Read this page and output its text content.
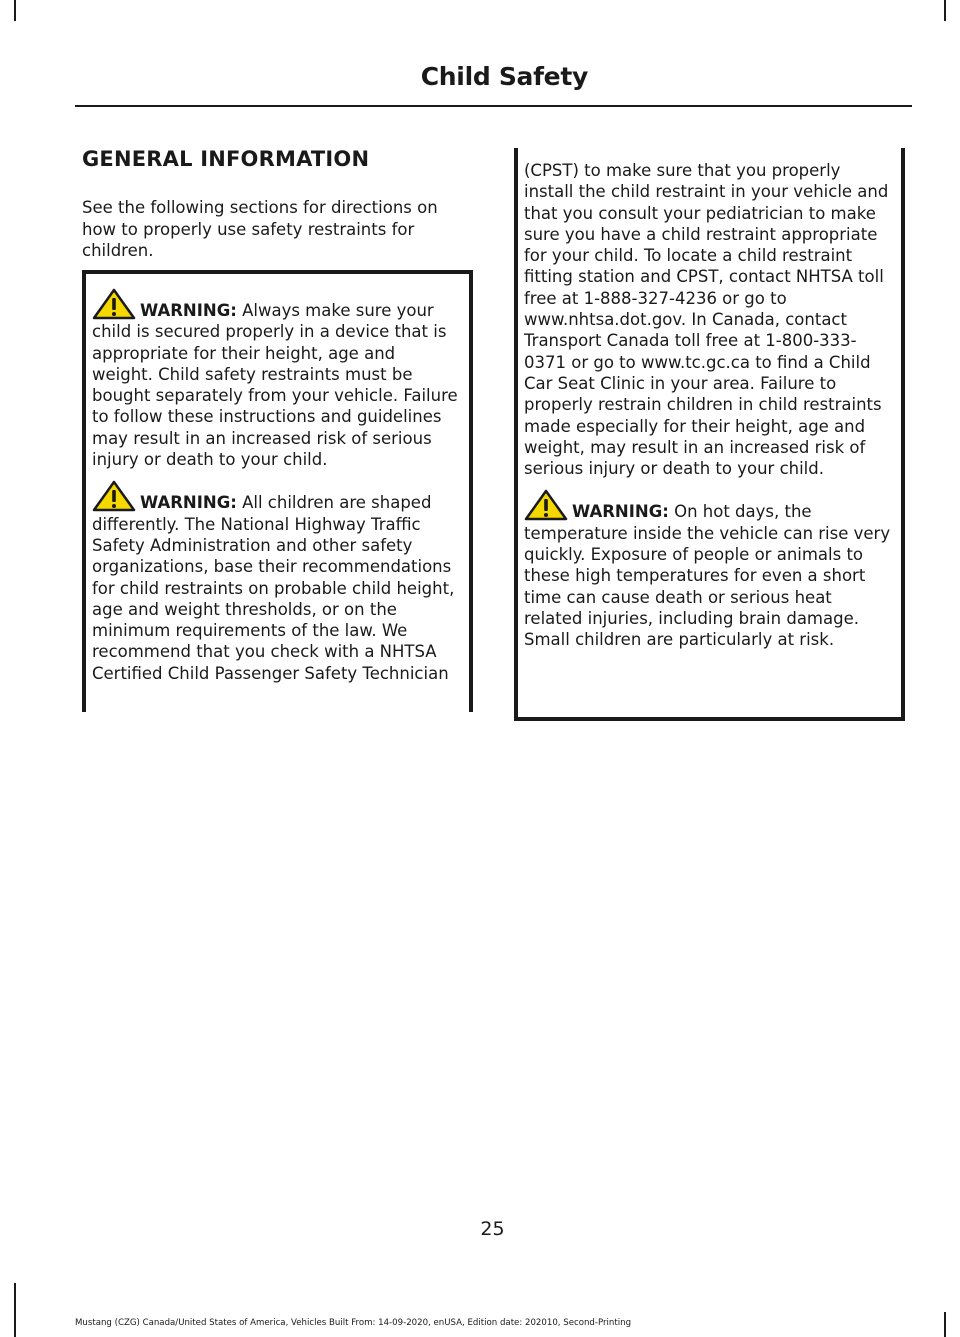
Child Safety
GENERAL INFORMATION
See the following sections for directions on how to properly use safety restraints for children.

WARNING: Always make sure your child is secured properly in a device that is appropriate for their height, age and weight. Child safety restraints must be bought separately from your vehicle. Failure to follow these instructions and guidelines may result in an increased risk of serious injury or death to your child.

WARNING: All children are shaped differently. The National Highway Traffic Safety Administration and other safety organizations, base their recommendations for child restraints on probable child height, age and weight thresholds, or on the minimum requirements of the law. We recommend that you check with a NHTSA Certified Child Passenger Safety Technician

(CPST) to make sure that you properly install the child restraint in your vehicle and that you consult your pediatrician to make sure you have a child restraint appropriate for your child. To locate a child restraint fitting station and CPST, contact NHTSA toll free at 1-888-327-4236 or go to www.nhtsa.dot.gov. In Canada, contact Transport Canada toll free at 1-800-333-0371 or go to www.tc.gc.ca to find a Child Car Seat Clinic in your area. Failure to properly restrain children in child restraints made especially for their height, age and weight, may result in an increased risk of serious injury or death to your child.

WARNING: On hot days, the temperature inside the vehicle can rise very quickly. Exposure of people or animals to these high temperatures for even a short time can cause death or serious heat related injuries, including brain damage. Small children are particularly at risk.

25
Mustang (CZG) Canada/United States of America, Vehicles Built From: 14-09-2020, enUSA, Edition date: 202010, Second-Printing
